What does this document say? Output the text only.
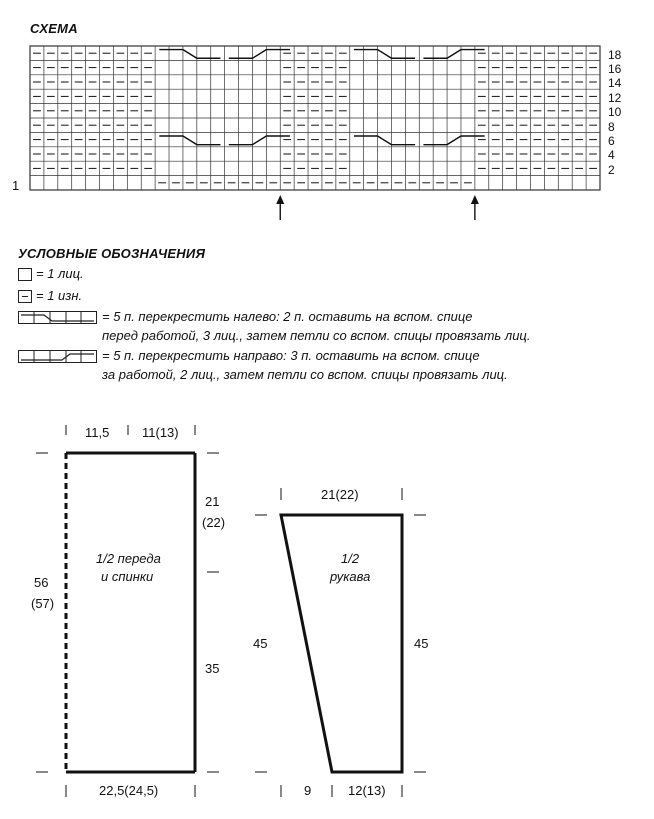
СХЕМА
18
16
14
12
10
8
6
4
2
1
УСЛОВНЫЕ ОБОЗНАЧЕНИЯ
= 1 лиц.
= 1 изн.
= 5 п. перекрестить налево: 2 п. оставить на вспом. спице
перед работой, 3 лиц., затем петли со вспом. спицы провязать лиц.
= 5 п. перекрестить направо: 3 п. оставить на вспом. спице
за работой, 2 лиц., затем петли со вспом. спицы провязать лиц.
11,5	11(13)
56
(57)
21
(22)
35
22,5(24,5)
1/2 переда
и спинки
21(22)
45	45
9	12(13)
1/2
рукава
